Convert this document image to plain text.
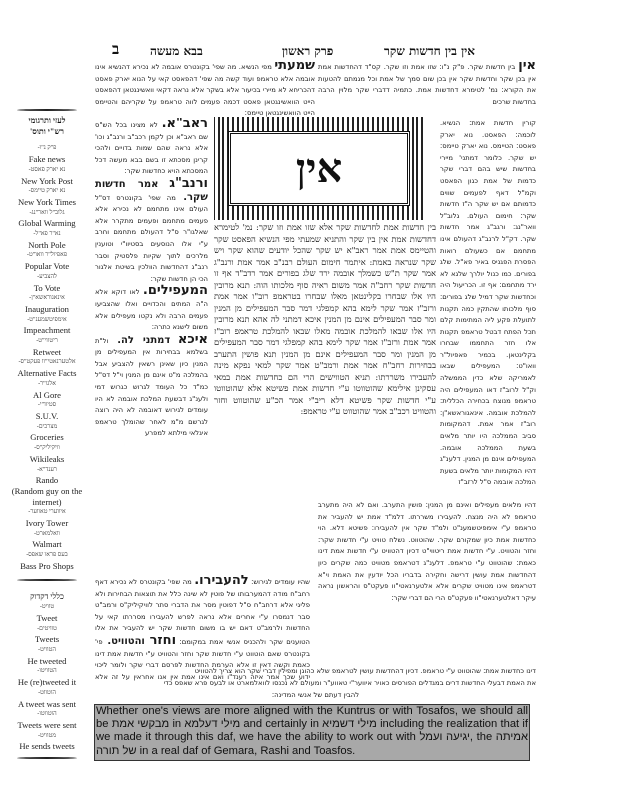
ב	בבא מעשה	פרק ראשון	אין בין חדשות שקר
לעזי ותרגומי
רש"י ותוס'
פ"ק נ"ו-
Fake news
נא יארק פאסט-
New York Post
נא יארק טיימס-
New York Times
גלוב"ל וואר"נג-
Global Warming
נא"ר פא"ל-
North Pole
פאפיול"ר וואו"ט-
Popular Vote
להצביע-
To Vote
אינאגוראשא"ן-
Inauguration
אימפיטשמענ"ט-
Impeachment
ריטווי"ט-
Retweet
אלטערנאטי"וו פעקט"ס-
Alternative Facts
אלגו"ר-
Al Gore
סטיוו"י-
S.U.V.
מצרכים-
Groceries
וויקיליק"ס-
Wikileaks
רענד"א-
Rando
(Random guy on the internet)
איווערי טאווער-
Ivory Tower
וואלמארט-
Walmart
בעס פראו שאפס-
Bass Pro Shops
כללי דקדוק
טוויט-
Tweet
טוויטים-
Tweets
הטוויט-
He tweeted
הטוויטו-
He (re)tweeted it
הוטווט-
A tweet was sent
הוטווטו-
Tweets were sent
מטוויט-
He sends tweets

שמעתי מפי הנשיא. מה שפי' בקונטרס אובמה לא נכירא דהנשיא אינו אובמה אלא טראמפ ועוד קשה מה שפי' דהפאסט קאי על הנוא יארק פאסט דהכריחא לא מיירי בכיעור אלא בשקר אלא נראה דקאי וואשינגטאן דהפאסט הייט הוואשינגטאן פאסט דכמה פעמים לווה טראמפ על שקריהם והטיימס הייט הוואשינגטאן טיימס:

ראב"א. לא מצינו בכל הש"ס שם ראב"א וכן לקמן רכב"ב ורנב"ג וכו' אלא נראה שהם שמות בדויים ולהכי קרינן מסכתא זו בשם בבא מעשה דכל המסכתא הויא כחדשות שקר:

ורנב"ג אמר חדשות שקר. מה שפי' בקונטרס דס"ל העולם אינו מתחמם לא נכירא אלא פעמים מתחמם ופעמים מתקרר אלא שאלגו"ר ס"ל דהעולם מתחמם וחרב ע"י אלו הנוסעים בסטיוו"י וטוענין מלרכים לתוך שקיות פלסטיק וסבר רנב"ג דהחדשות הוולכין בשיטת אלגור הכי הן חדשות שקר:

המעפילים. לאו דוקא אלא ה"ה המתים והכדויים ואלו שהצביעו פעמים הרבה ולא נקטו מעפילים אלא משום לישנא כתרה:

איכא דמתני לה. ול"ת בשלמא בבחירות אין המעפילים מן המנין כיון שאינן רשאין להצביע אבל בהמלכה מ"ט אינם מן המנין וי"ל דס"ל כמ"ד כל העומד לגרוש כגרוש דמי ולענ"ג דבשעת המלכת אובמה לא היו עומדים לגירוש דאובמה לא היה רוצה לגרשם מ"מ לאחר שהומלך טראמפ איגלאי מילתא למפרע

שהיו עומדים לגירוש: להעבירו. מה שפי' בקונטרס לא נכירא דאף רחב"ח מודה דהמערבותו של פוטין לא שינה כלל את תוצאות הבחירות ולא פליגי אלא דרחב"ח ס"ל דפוטין מסר את הדברי סתר לוויקיליק"ס ורמב"ט סבר דנמסרו ע"י אחרים אלא נראה לפרש להעבירו מסררתו קאי על החדשות ולרמב"ט דאם יש בו משום חדשות שקר יש להעביר את אלו הטוענים שקר ולהכניס אנשי אמת במקומם: וחזר והטוויט. פי' בקונטרס שאם הוטווט ע"י חדשות שקר וחזר והטוויט ע"י חדשות אמת דינו כאמת וקשה דאין זו אלא הערמת החדשות לפרסם דברי שקר ולומר ליכוי ידוע שכך אמר איזה רענד"ו ואם אינו אמת אין אנו אחראין על זה אלא

אין בין חדשות שקר. פ"ק נ"ו: שזו אמת וזו שקר. קס"ד דהחדשות אמת אין בכן שקר וחדשות שקר אין בכן שום סמך של אמת וכל מגמתם להטעות את הקורא: נמ' לטימרא דחדשות אמת. כתמיה דדברי שקר מלוין הרבה בחדשות שרכים

קורין חדשות אמת: הנשיא. לוכמה: הפאסט. נוא יארק פאסט: הטיימס. נוא יארק טיימס: יש שקר. כלומר דמתני' מיירי בחדשות שיש בהם דברי שקר כדמות של אמת כגון הפאסט וקמ"ל דאף לפעמים שווים כדמותם אם יש שקר ה"ז חדשות שקר: חימום העולם. גלוב"ל וואר"נג: ורגב"ג אמר חדשות שקר. דק"ל לרנב"ג דהעולם אינו מתחמם אם כשעולם רואות הפסרת הפגניס באיר פא"ל. שלג בפורים. כמו כנול יולרך שלגא לא ירד מתחמם: אף זו. הכריעול היה וכחדשות שקר דמיל שלג בפורים: סוף מלכותו שהתקין כמה תקנות לתועלת פקע ליה המתימות קלם תכל הפתח דבטל טראמפ תקנות אלו חזר התחממו שבחרו בקלינטאן. בכמיר פאפיול"ר וואו"ט: המעפילים שבאו לאמריקה שלא כדין הממשלה וק"ל לרוב"ז דאו המעפילים היה טראמפ מנוצח בכחירה הכללית: להמלכת אובמה. אינאגוראשא"ן: רוב"ז אמר אמת. דהמקומות סביב הממלכה היו יותר מלאים בשעת הממלכה אובמה. המעפילים אינם מן המנין. דלענ"ג דהיו המקומות יותר מלאים בשעת המלכה אובמה ס"ל לרזב"ז

דהיו מלאים מעפילים ואינם מן המנין: פושין התערב. ואם לא היה מתערב טראמפ לא היה מנצח. להעבירו משררתו. דלמ"ד אמת יש להעביר את טראמפ ע"י אימפיטשמענ"ט ולמ"ד שקר אין להעבירו: פשיטא דלא. הוי כחדשות אמת כיון שמקורם שקר. שהוטווט. נשלח טוויט ע"י חדשות שקר: וחזר והטוויט. ע"י חדשות אמת ריטווי"ט דכיון דהטוויט ע"י חדשות אמת דינו כאמת: שהוטווט ע"י טראמפ. דלענ"ג דטראמפ מטוויט כמה שקרים כיון דהחדשות אמת עושין דרישה וחקירה בדבריו הכל יודעין את האמת וי"א דטראמפ אינו מטוויט שקרים אלא אלטערנאטי"וו פעקט"ס והראשון נראה עיקר דאלטערנאטי"וו פעקט"ס הרי הם דברי שקר:

אין

בין חדשות אמת לחדשות שקר אלא שזו אמת וזו שקר: נמ' לטימרא דחדשות אמת אין בין שקר והתניא שמעתי מפי הנשיא הפאסט שקר והטיימס אמת אמר ראב"א יש שקר שהכל יודעים שהוא שקר ויש שקר שנראה באמת: איתמר חימום העולם רבנ"ב אמר אמת ורנב"ג אמר שקר ת"ש כשמלך אובמה ירד שלג בפורים אמר רדב"ד אף זו חדשות שקר רחב"ה אמר משום ראיה סוף מלכותו הוה: תנא מרובין היו אלו שבחרו בקלינטאן מאלו שבחרו בטראמפ רוב"ו אמר אמת ורזב"ז אמר שקר לימא בהא קמפלגי דמר סבר המעפילים מן המנין ומר סבר המעפילים אינם מן המנין איכא דמתני לה אהא תנא מרובין היו אלו שבאו להמלכת אובמה מאלו שבאו להמלכת טראמפ רוב"ז אמר אמת ורזב"ז אמר שקר לימא בהא קמפלגי דמר סבר המעפילים מן המנין ומר סבר המעפילים אינם מן המנין תנא פושין התערב בבחירות רחב"ח אמר אמת ורמב"ט אמר שקר למאי נפקא מינה להעבירו משררתו: תניא הטווישים הרי הם כחדשות אמת במאי עסקינן אילימא שהוטווטו ע"י חדשות אמת פשיטא אלא שהוטווטו ע"י חדשות שקר פשיטא דלא ריב"י אמר הכ"ע שהוטווט וחזר והטוויט רכב"ב אמר שהוטווט ע"י טראמפ:

דינו כחדשות אמת: שהוטווט ע"י טראמפ. דכיון דהחדשות עושין לטראמפ שלא כהוגן ומפילין דברי שקר הוא צריך להטוויט
את האמת דבעלי החדשות דרים במגדלים הפורסים כאויר איווער"י טאווע"ר ומעולם לא נכנסו לוואלמארט או לבעס פרא שאפס כדי
להבין דעתם של אנשי המדינה:
Whether one's views are more aligned with the Kuntrus or with Tosafos, we should all be מבקשי אמת in מילי דעלמא and certainly in מילי דשמיא including the realization that if we made it through this daf, we have the ability to work out with יגיעה ועמל, the אמיתה של תורה in a real daf of Gemara, Rashi and Toasfos.
